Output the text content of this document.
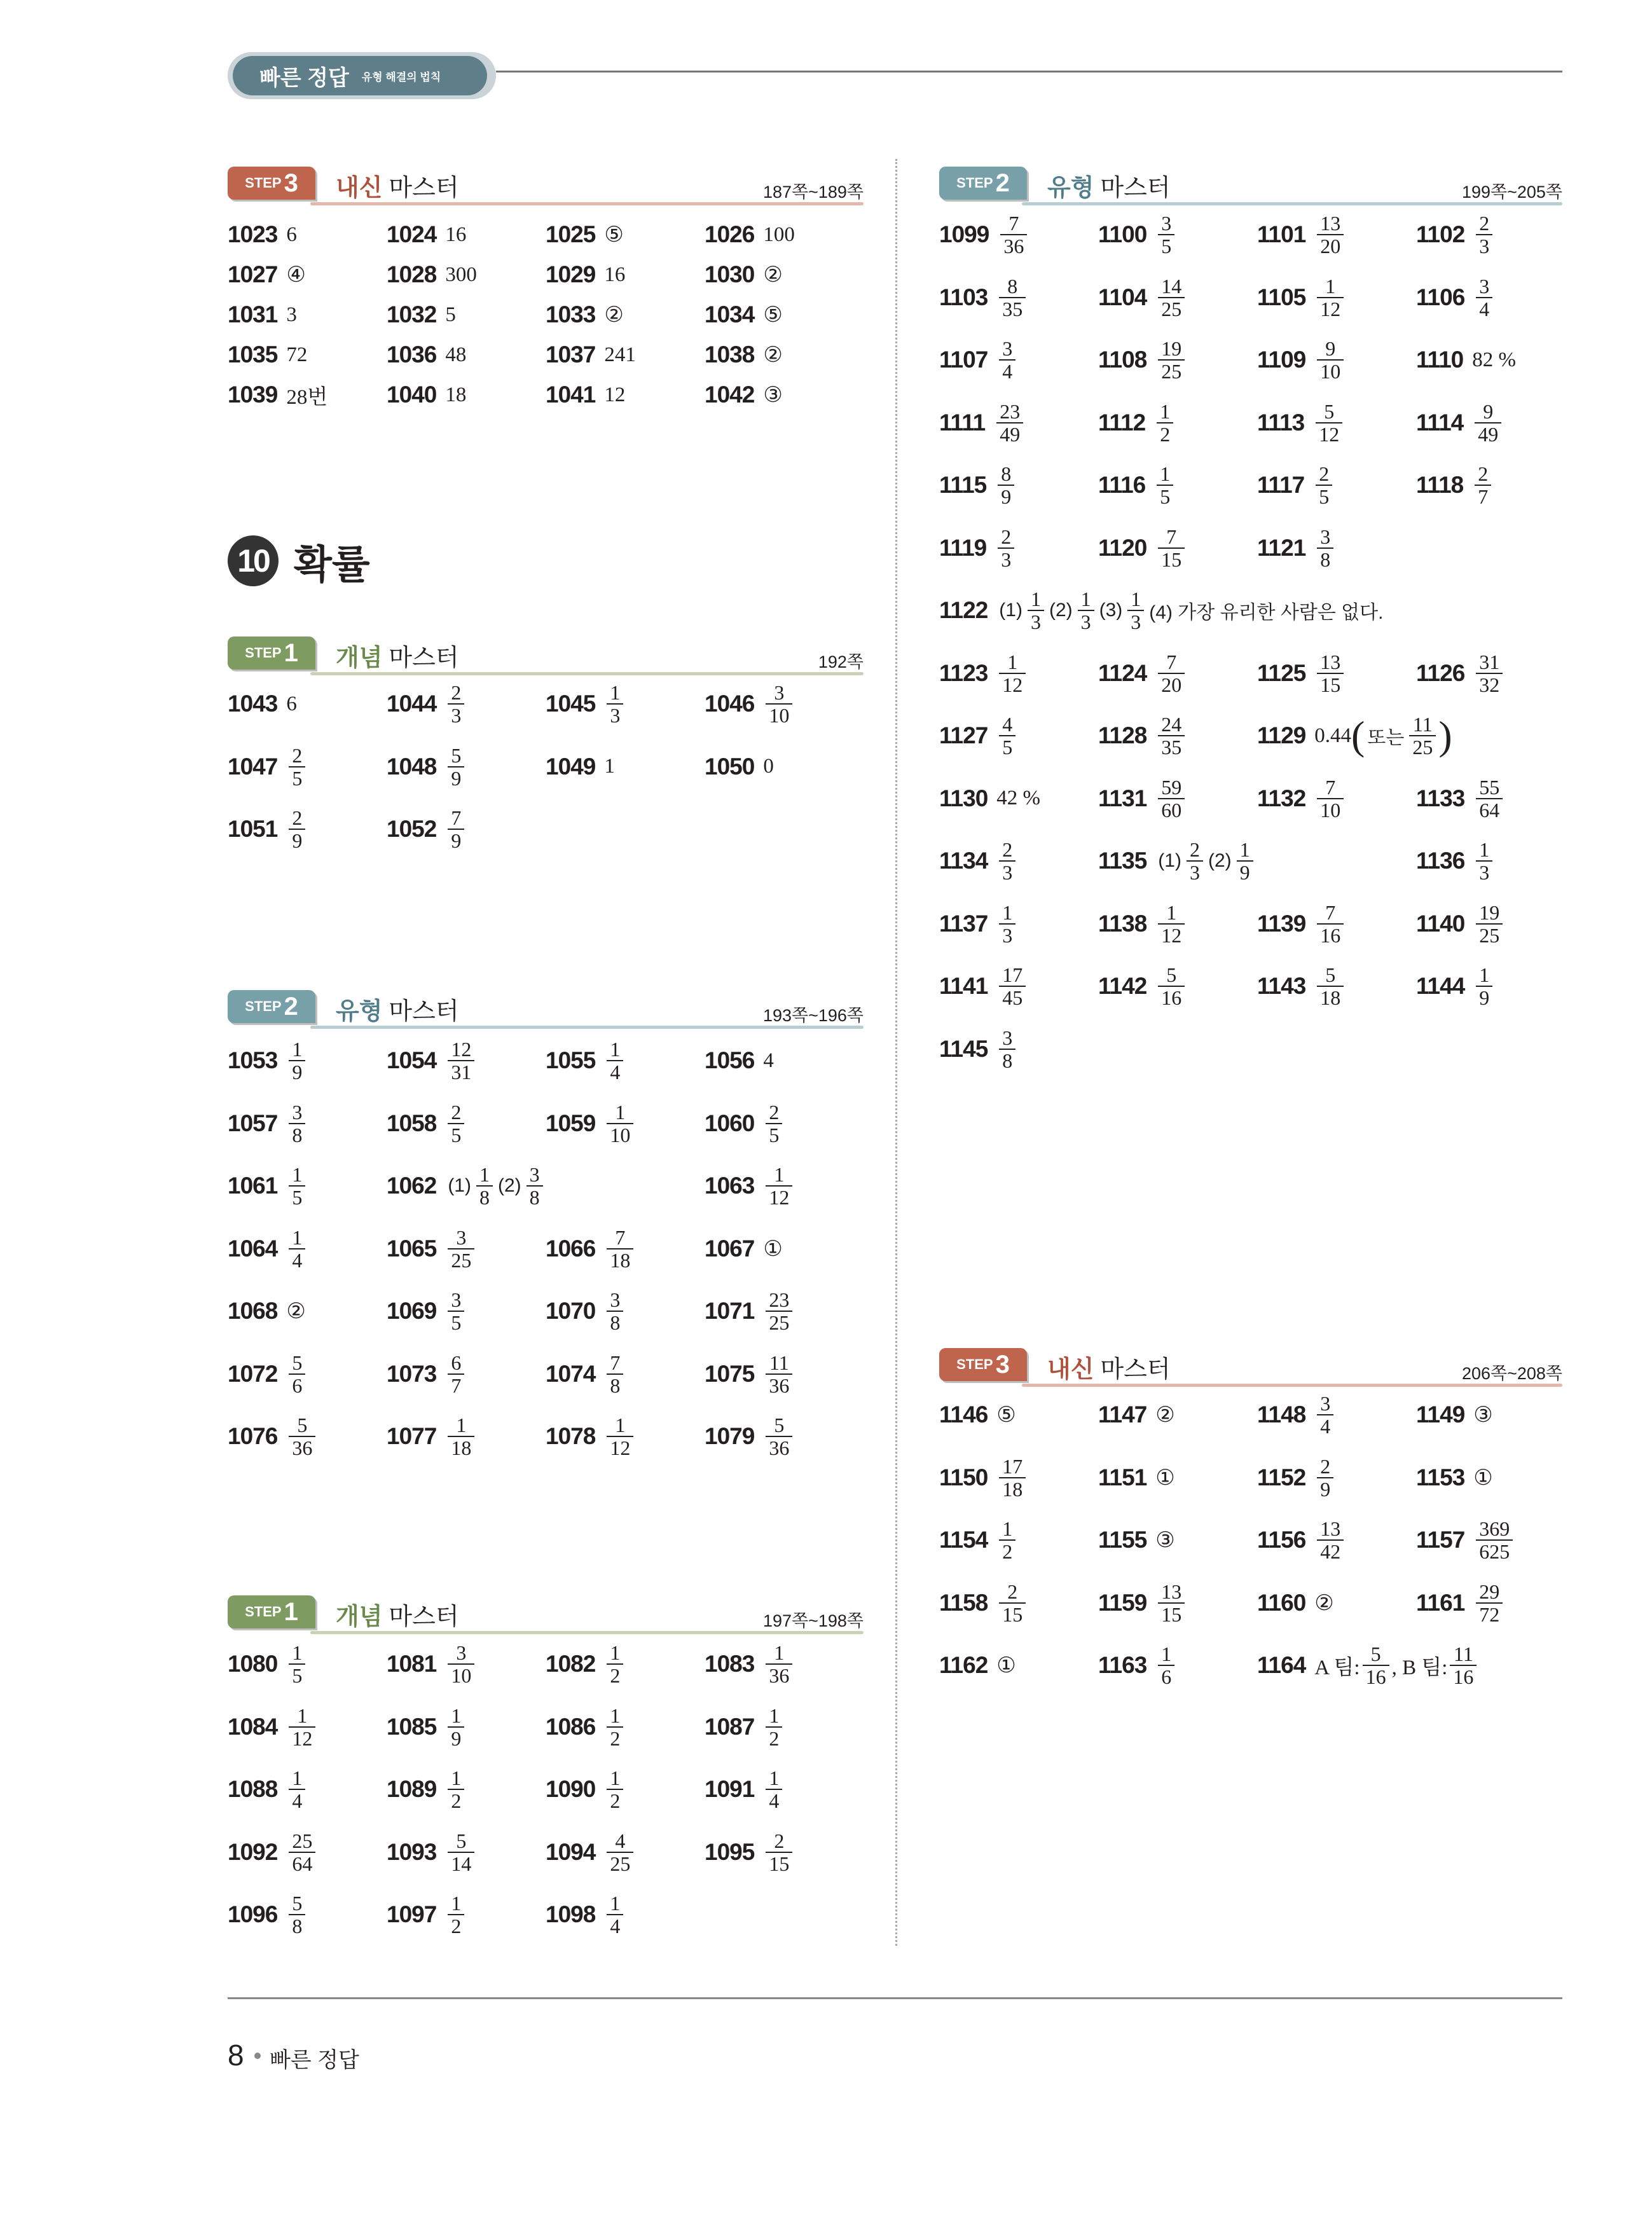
빠른 정답 유형 해결의 법칙
10 확률
STEP 3 내신 마스터	187쪽~189쪽
1023 6	1024 16	1025 ⑤	1026 100
1027 ④	1028 300	1029 16	1030 ②
1031 3	1032 5	1033 ②	1034 ⑤
1035 72	1036 48	1037 241	1038 ②
1039 28번	1040 18	1041 12	1042 ③
STEP 1 개념 마스터	192쪽
1043 6	$1044 \frac{2}{3}$	$1045 \frac{1}{3}$	$1046 \frac{3}{10}$
$1047 \frac{2}{5}$	$1048 \frac{5}{9}$	1049 1	1050 0
$1051 \frac{2}{9}$	$1052 \frac{7}{9}$
STEP 2 유형 마스터	193쪽~196쪽
$1053 \frac{1}{9}$	$1054 \frac{12}{31}$	$1055 \frac{1}{4}$	1056 4
$1057 \frac{3}{8}$	$1058 \frac{2}{5}$	$1059 \frac{1}{10}$	$1060 \frac{2}{5}$
$1061 \frac{1}{5}$	1062 $(1) \frac{1}{8} (2) \frac{3}{8}$	$1063 \frac{1}{12}$
$1064 \frac{1}{4}$	$1065 \frac{3}{25}$	$1066 \frac{7}{18}$	1067 ①
1068 ②	$1069 \frac{3}{5}$	$1070 \frac{3}{8}$	$1071 \frac{23}{25}$
$1072 \frac{5}{6}$	$1073 \frac{6}{7}$	$1074 \frac{7}{8}$	$1075 \frac{11}{36}$
$1076 \frac{5}{36}$	$1077 \frac{1}{18}$	$1078 \frac{1}{12}$	$1079 \frac{5}{36}$
STEP 1 개념 마스터	197쪽~198쪽
$1080 \frac{1}{5}$	$1081 \frac{3}{10}$	$1082 \frac{1}{2}$	$1083 \frac{1}{36}$
$1084 \frac{1}{12}$	$1085 \frac{1}{9}$	$1086 \frac{1}{2}$	$1087 \frac{1}{2}$
$1088 \frac{1}{4}$	$1089 \frac{1}{2}$	$1090 \frac{1}{2}$	$1091 \frac{1}{4}$
$1092 \frac{25}{64}$	$1093 \frac{5}{14}$	$1094 \frac{4}{25}$	$1095 \frac{2}{15}$
$1096 \frac{5}{8}$	$1097 \frac{1}{2}$	$1098 \frac{1}{4}$
STEP 2 유형 마스터	199쪽~205쪽
$1099 \frac{7}{36}$	$1100 \frac{3}{5}$	$1101 \frac{13}{20}$	$1102 \frac{2}{3}$
$1103 \frac{8}{35}$	$1104 \frac{14}{25}$	$1105 \frac{1}{12}$	$1106 \frac{3}{4}$
$1107 \frac{3}{4}$	$1108 \frac{19}{25}$	$1109 \frac{9}{10}$	1110 82 %
$1111 \frac{23}{49}$	$1112 \frac{1}{2}$	$1113 \frac{5}{12}$	$1114 \frac{9}{49}$
$1115 \frac{8}{9}$	$1116 \frac{1}{5}$	$1117 \frac{2}{5}$	$1118 \frac{2}{7}$
$1119 \frac{2}{3}$	$1120 \frac{7}{15}$	$1121 \frac{3}{8}$
1122 $(1) \frac{1}{3} (2) \frac{1}{3} (3) \frac{1}{3} (4)$ 가장 유리한 사람은 없다.
$1123 \frac{1}{12}$	$1124 \frac{7}{20}$	$1125 \frac{13}{15}$	$1126 \frac{31}{32}$
$1127 \frac{4}{5}$	$1128 \frac{24}{35}$	1129 0.44 ( 또는 $\frac{11}{25}$ )
1130 42 % $1131 \frac{59}{60}$	$1132 \frac{7}{10}$	$1133 \frac{55}{64}$
$1134 \frac{2}{3}$	1135 $(1) \frac{2}{3} (2) \frac{1}{9}$	$1136 \frac{1}{3}$
$1137 \frac{1}{3}$	$1138 \frac{1}{12}$	$1139 \frac{7}{16}$	$1140 \frac{19}{25}$
$1141 \frac{17}{45}$	$1142 \frac{5}{16}$	$1143 \frac{5}{18}$	$1144 \frac{1}{9}$
$1145 \frac{3}{8}$
STEP 3 내신 마스터	206쪽~208쪽
1146 ⑤	1147 ②	$1148 \frac{3}{4}$	1149 ③
$1150 \frac{17}{18}$	1151 ①	$1152 \frac{2}{9}$	1153 ①
$1154 \frac{1}{2}$	1155 ③	$1156 \frac{13}{42}$	$1157 \frac{369}{625}$
$1158 \frac{2}{15}$	$1159 \frac{13}{15}$	1160 ②	$1161 \frac{29}{72}$
1162 ①	$1163 \frac{1}{6}$	1164 A 팀: $\frac{5}{16}$ , B 팀: $\frac{11}{16}$
8 빠른 정답
